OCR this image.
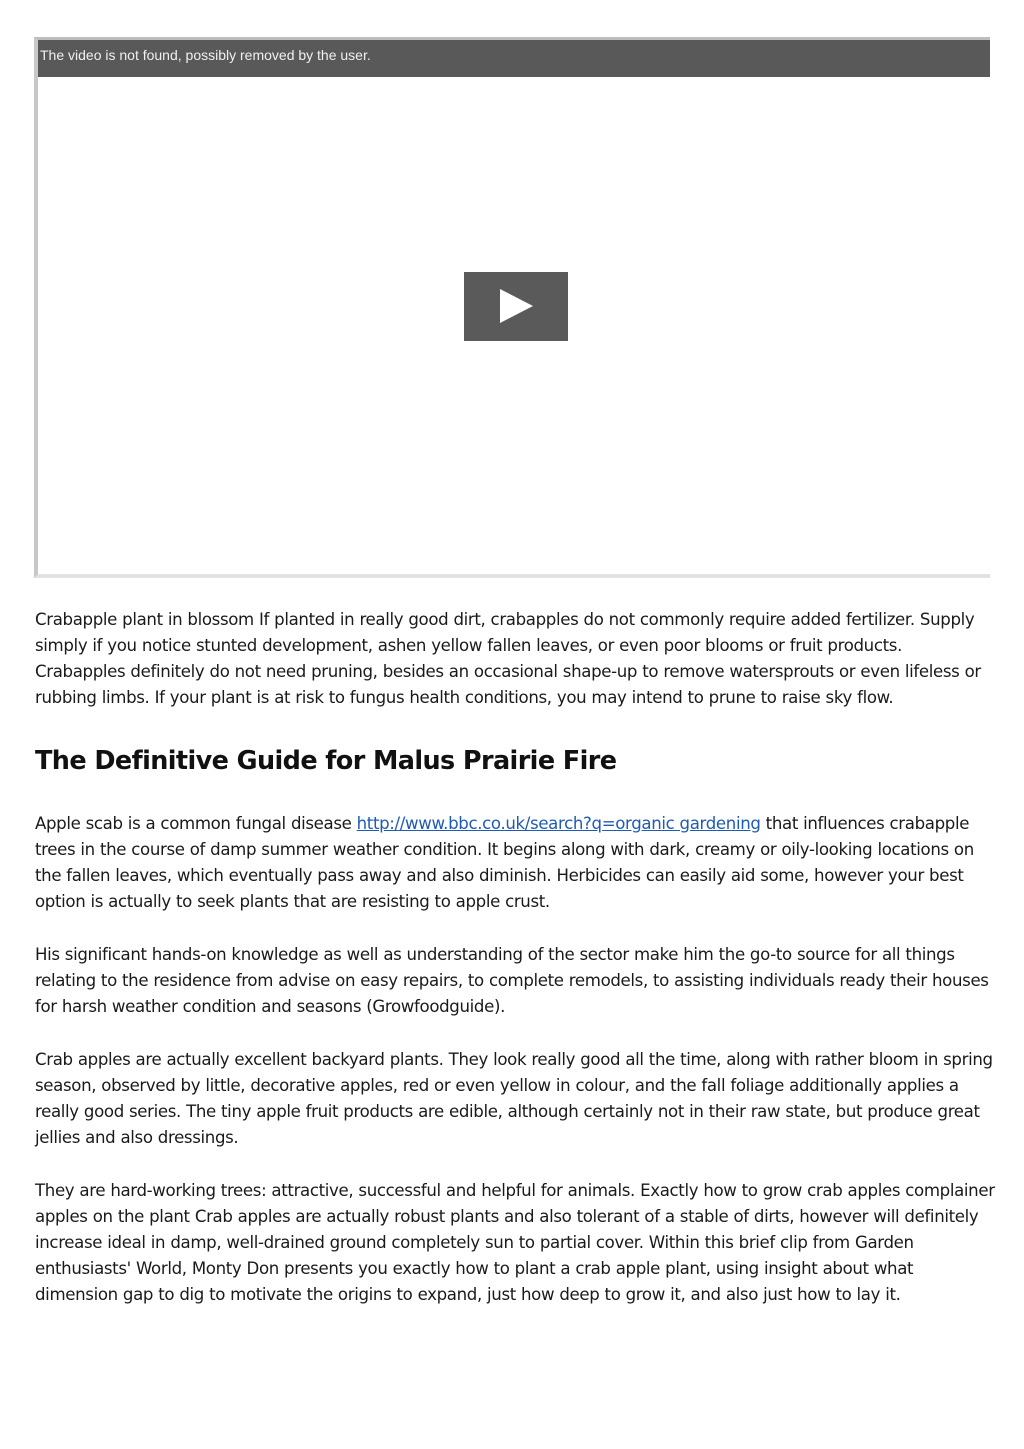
The video is not found, possibly removed by the user.

Crabapple plant in blossom If planted in really good dirt, crabapples do not commonly require added fertilizer. Supply simply if you notice stunted development, ashen yellow fallen leaves, or even poor blooms or fruit products. Crabapples definitely do not need pruning, besides an occasional shape-up to remove watersprouts or even lifeless or rubbing limbs. If your plant is at risk to fungus health conditions, you may intend to prune to raise sky flow.

The Definitive Guide for Malus Prairie Fire

Apple scab is a common fungal disease http://www.bbc.co.uk/search?q=organic gardening that influences crabapple trees in the course of damp summer weather condition. It begins along with dark, creamy or oily-looking locations on the fallen leaves, which eventually pass away and also diminish. Herbicides can easily aid some, however your best option is actually to seek plants that are resisting to apple crust.

His significant hands-on knowledge as well as understanding of the sector make him the go-to source for all things relating to the residence from advise on easy repairs, to complete remodels, to assisting individuals ready their houses for harsh weather condition and seasons (Growfoodguide).

Crab apples are actually excellent backyard plants. They look really good all the time, along with rather bloom in spring season, observed by little, decorative apples, red or even yellow in colour, and the fall foliage additionally applies a really good series. The tiny apple fruit products are edible, although certainly not in their raw state, but produce great jellies and also dressings.

They are hard-working trees: attractive, successful and helpful for animals. Exactly how to grow crab apples complainer apples on the plant Crab apples are actually robust plants and also tolerant of a stable of dirts, however will definitely increase ideal in damp, well-drained ground completely sun to partial cover. Within this brief clip from Garden enthusiasts' World, Monty Don presents you exactly how to plant a crab apple plant, using insight about what dimension gap to dig to motivate the origins to expand, just how deep to grow it, and also just how to lay it.
